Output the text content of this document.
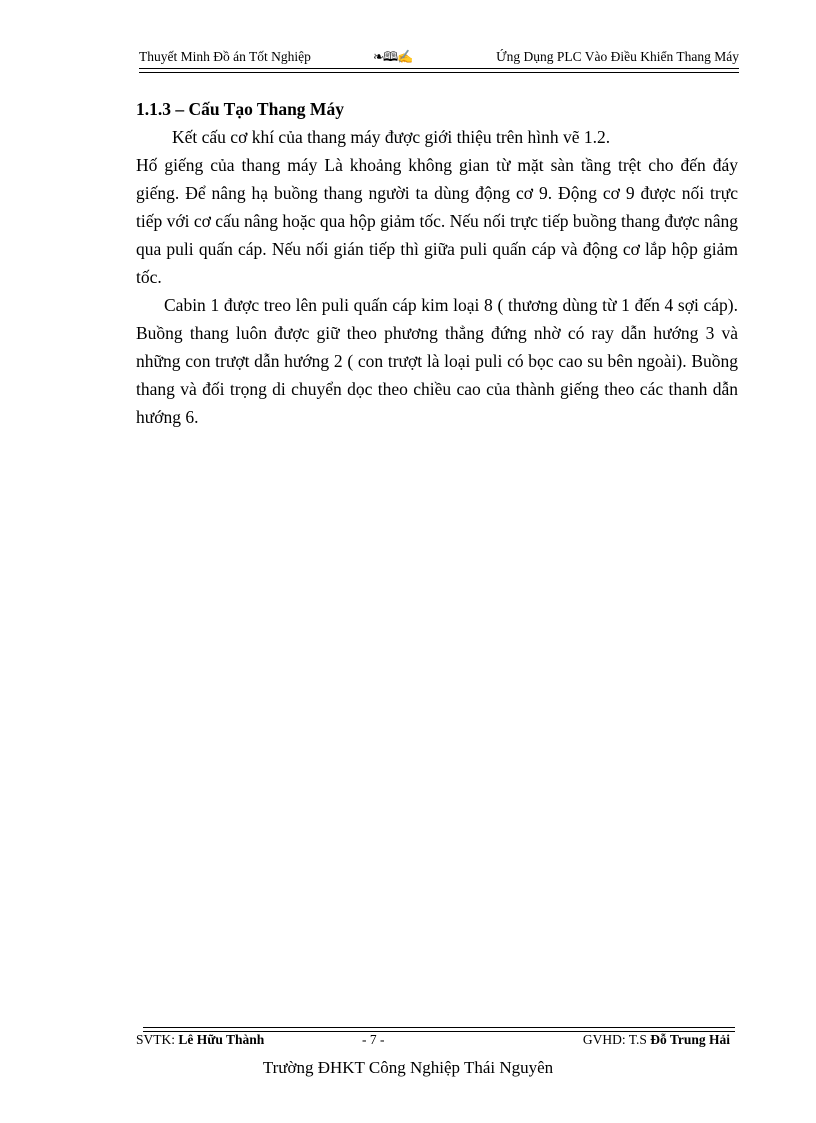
Thuyết Minh Đồ án Tốt Nghiệp	❧🕮✍	Ứng Dụng PLC Vào Điều Khiển Thang Máy
1.1.3 – Cấu Tạo Thang Máy

Kết cấu cơ khí của thang máy được giới thiệu trên hình vẽ 1.2.

Hố giếng của thang máy Là khoảng không gian từ mặt sàn tầng trệt cho đến đáy giếng. Để nâng hạ buồng thang người ta dùng động cơ 9. Động cơ 9 được nối trực tiếp với cơ cấu nâng hoặc qua hộp giảm tốc. Nếu nối trực tiếp buồng thang được nâng qua puli quấn cáp. Nếu nối gián tiếp thì giữa puli quấn cáp và động cơ lắp hộp giảm tốc.

Cabin 1 được treo lên puli quấn cáp kim loại 8 ( thương dùng từ 1 đến 4 sợi cáp). Buồng thang luôn được giữ theo phương thẳng đứng nhờ có ray dẫn hướng 3 và những con trượt dẫn hướng 2 ( con trượt là loại puli có bọc cao su bên ngoài). Buồng thang và đối trọng di chuyển dọc theo chiều cao của thành giếng theo các thanh dẫn hướng 6.

SVTK: Lê Hữu Thành	- 7 -	GVHD: T.S Đỗ Trung Hải
Trường ĐHKT Công Nghiệp Thái Nguyên
